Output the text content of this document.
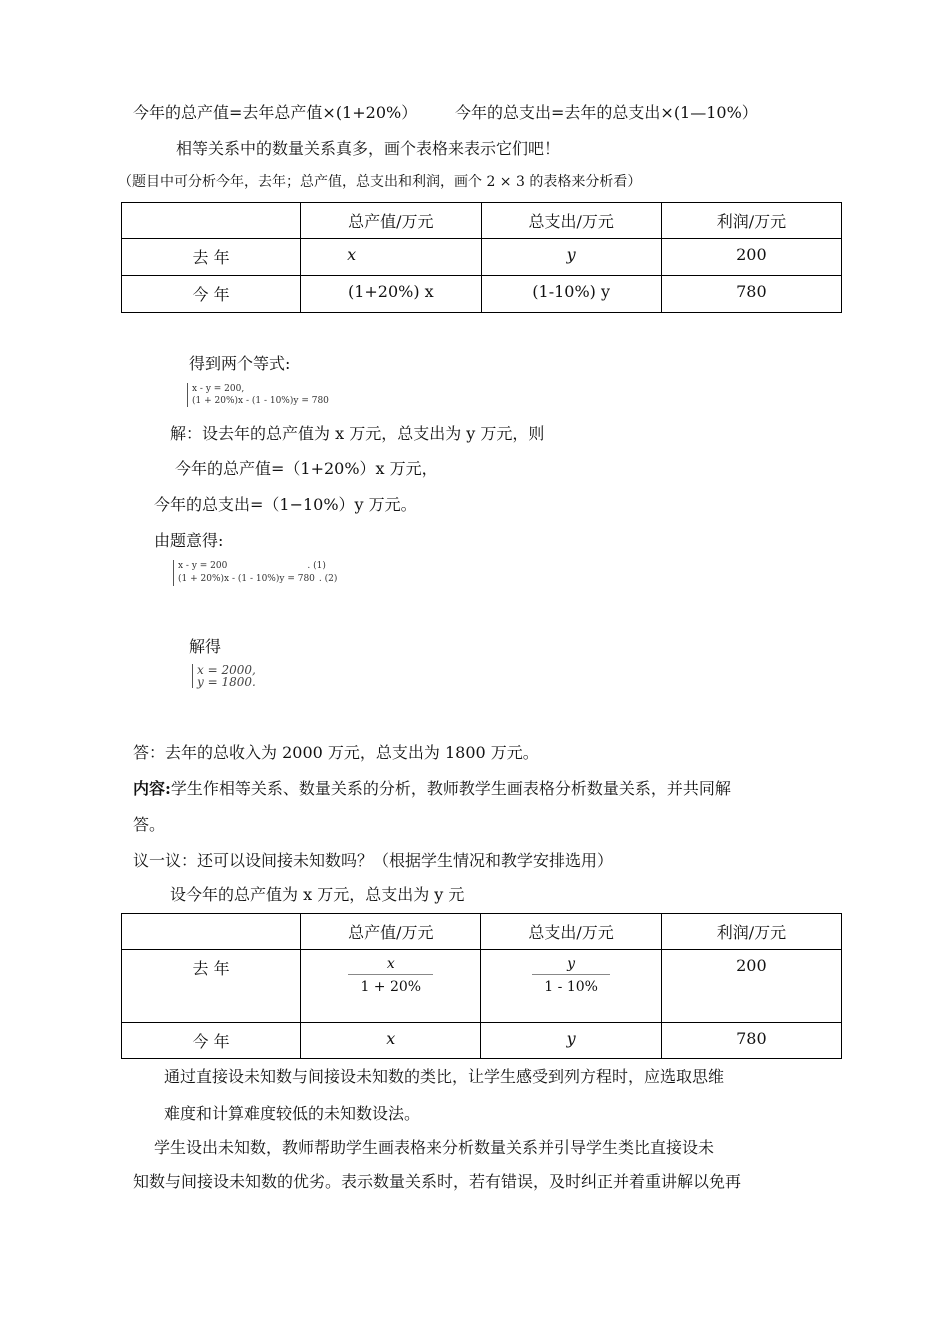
今年的总产值=去年总产值×(1+20%） 今年的总支出=去年的总支出×(1—10%）
相等关系中的数量关系真多，画个表格来表示它们吧！
（题目中可分析今年，去年；总产值，总支出和利润，画个 2 × 3 的表格来分析看）
	总产值/万元	总支出/万元	利润/万元
去 年	x	y	200
今 年	(1+20%) x	(1-10%) y	780
得到两个等式:
x - y = 200,
(1 + 20%)x - (1 - 10%)y = 780
解：设去年的总产值为 x 万元，总支出为 y 万元，则
今年的总产值=（1+20%）x 万元，
今年的总支出=（1−10%）y 万元。
由题意得:
x - y = 200	. (1)
(1 + 20%)x - (1 - 10%)y = 780 . (2)
解得
x = 2000,
y = 1800.
答：去年的总收入为 2000 万元，总支出为 1800 万元。
内容:学生作相等关系、数量关系的分析，教师教学生画表格分析数量关系，并共同解
答。
议一议：还可以设间接未知数吗？（根据学生情况和教学安排选用）
设今年的总产值为 x 万元，总支出为 y 元
	总产值/万元	总支出/万元	利润/万元
去 年	$\frac{x}{1 + 20\%}$	$\frac{y}{1 - 10\%}$	200
今 年	x	y	780
通过直接设未知数与间接设未知数的类比，让学生感受到列方程时，应选取思维
难度和计算难度较低的未知数设法。
学生设出未知数，教师帮助学生画表格来分析数量关系并引导学生类比直接设未
知数与间接设未知数的优劣。表示数量关系时，若有错误，及时纠正并着重讲解以免再
